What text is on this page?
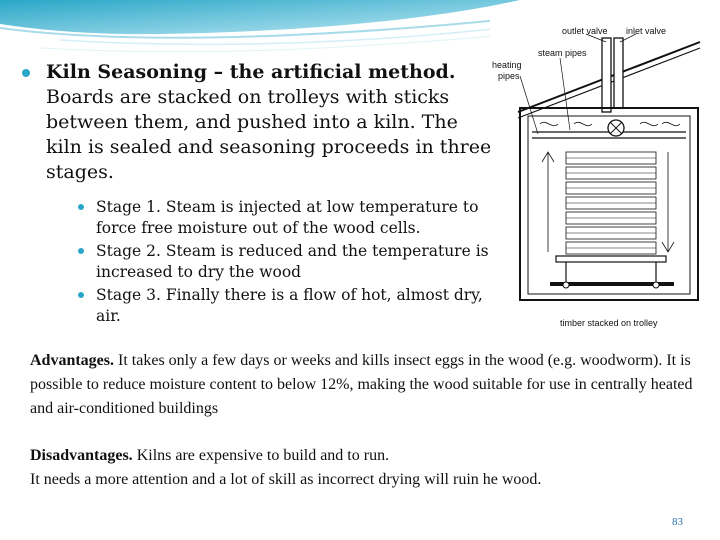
Kiln Seasoning – the artificial method. Boards are stacked on trolleys with sticks between them, and pushed into a kiln. The kiln is sealed and seasoning proceeds in three stages.

Stage 1. Steam is injected at low temperature to force free moisture out of the wood cells.
Stage 2. Steam is reduced and the temperature is increased to dry the wood
Stage 3. Finally there is a flow of hot, almost dry, air.
outlet valve inlet valve
steam pipes
heating
pipes
timber stacked on trolley

Advantages. It takes only a few days or weeks and kills insect eggs in the wood (e.g. woodworm). It is possible to reduce moisture content to below 12%, making the wood suitable for use in centrally heated and air-conditioned buildings

Disadvantages. Kilns are expensive to build and to run.
It needs a more attention and a lot of skill as incorrect drying will ruin he wood.

83
